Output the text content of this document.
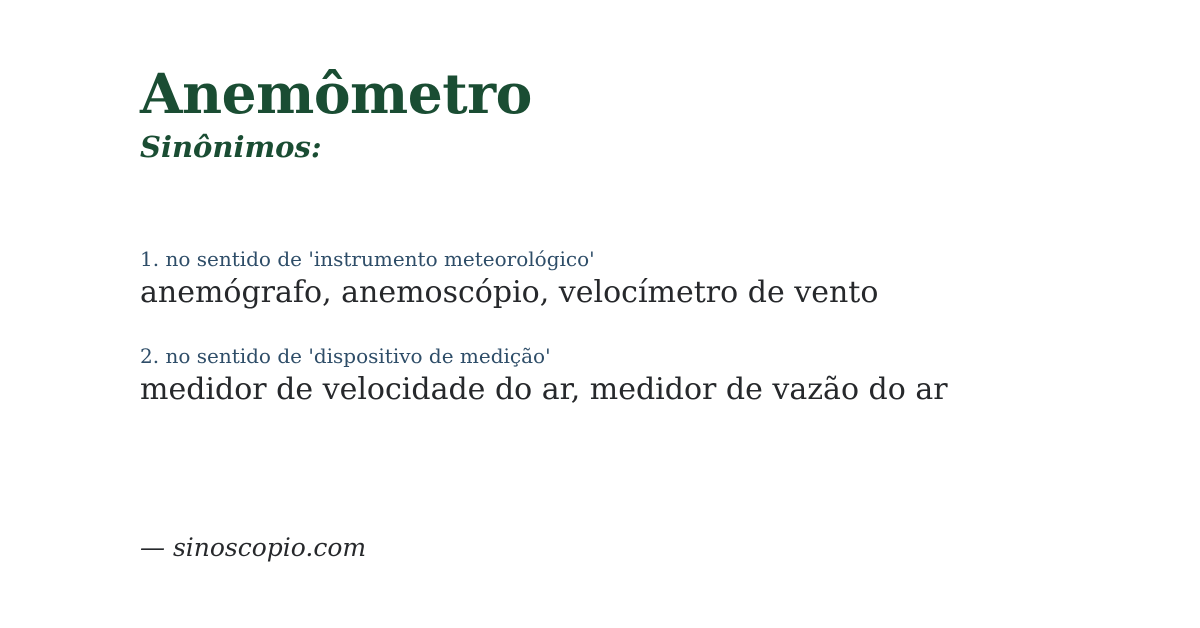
Anemômetro
Sinônimos:
1. no sentido de 'instrumento meteorológico'
anemógrafo, anemoscópio, velocímetro de vento
2. no sentido de 'dispositivo de medição'
medidor de velocidade do ar, medidor de vazão do ar
— sinoscopio.com
